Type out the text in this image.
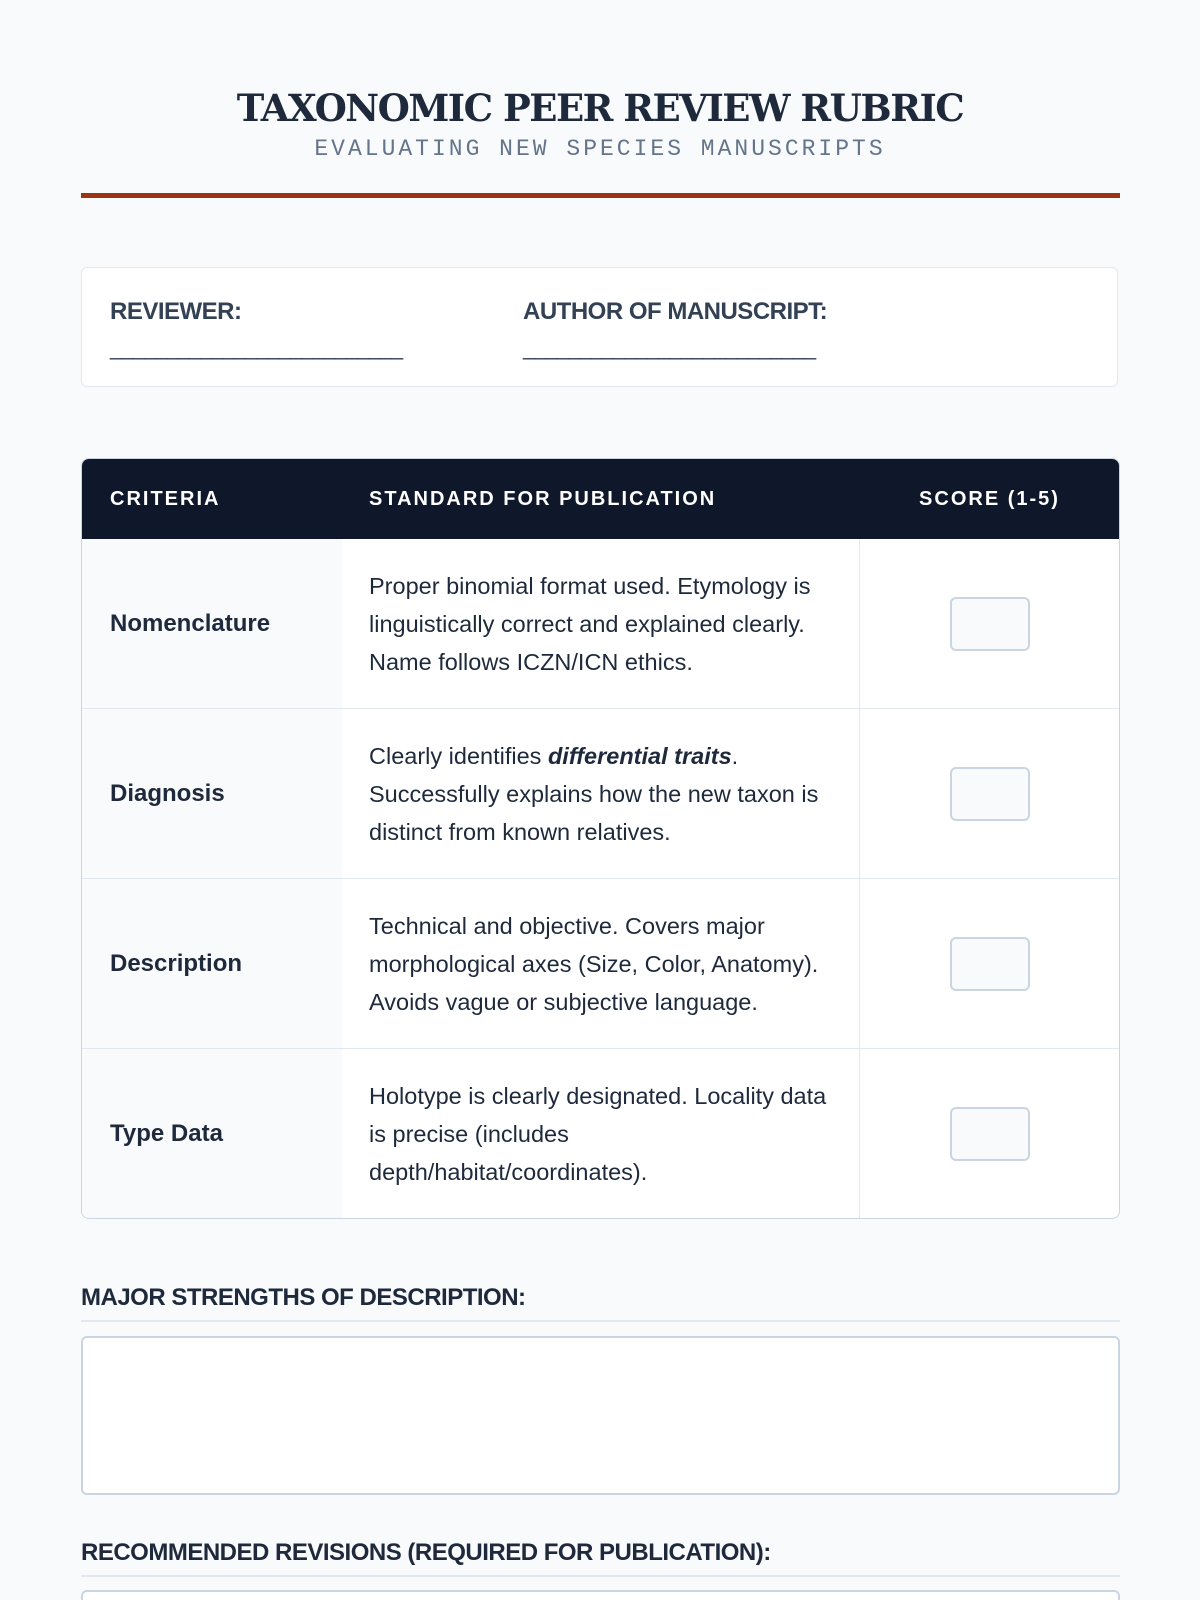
TAXONOMIC PEER REVIEW RUBRIC
EVALUATING NEW SPECIES MANUSCRIPTS
REVIEWER:
__________________________
AUTHOR OF MANUSCRIPT:
__________________________
CRITERIA	STANDARD FOR PUBLICATION	SCORE (1-5)
Nomenclature
Proper binomial format used. Etymology is linguistically correct and explained clearly. Name follows ICZN/ICN ethics.
Diagnosis
Clearly identifies differential traits. Successfully explains how the new taxon is distinct from known relatives.
Description
Technical and objective. Covers major morphological axes (Size, Color, Anatomy). Avoids vague or subjective language.
Type Data
Holotype is clearly designated. Locality data is precise (includes depth/habitat/coordinates).
MAJOR STRENGTHS OF DESCRIPTION:
RECOMMENDED REVISIONS (REQUIRED FOR PUBLICATION):
